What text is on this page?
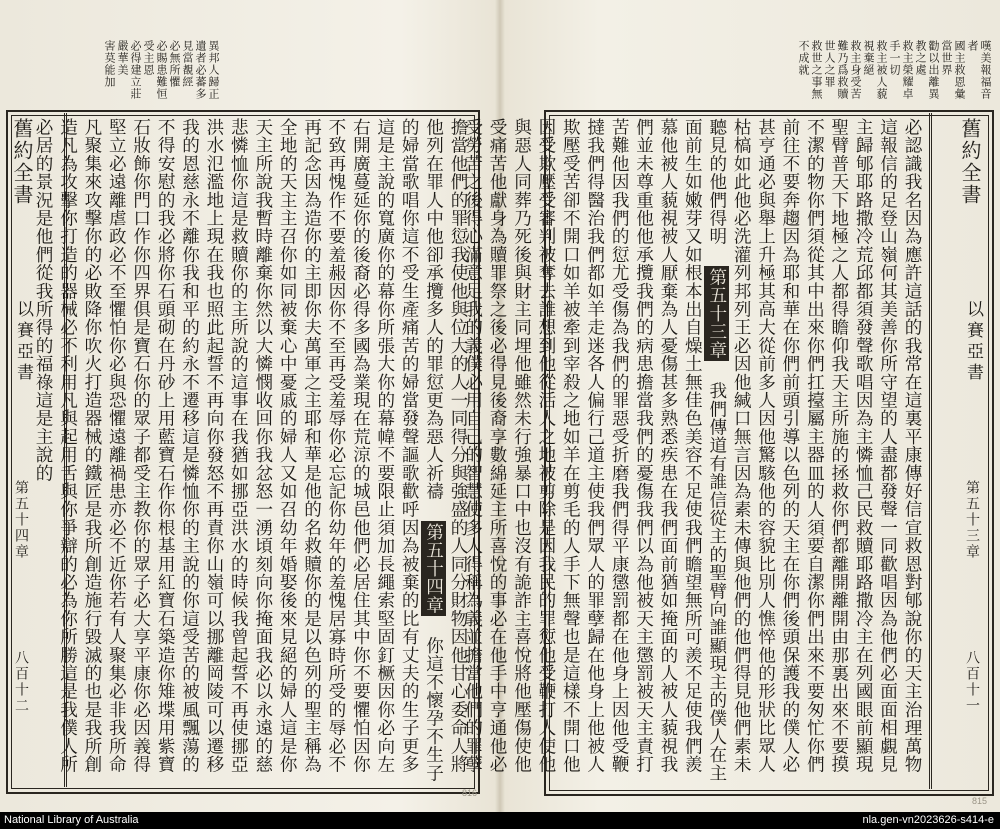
異邦人歸正
遺者必蕃多
見當覩經
必無所懼
必賜患難恒
受主恩
必得建立莊
嚴華美
害莫能加
舊約全書
以賽亞書
第五十四章
八百十二	擔當他們的罪愆我使他與位大的人一同得分與強盛的人同分財物因他甘心委命人將他列在罪人中他卻承攬多人的罪愆更為惡人祈禱 第五十四章 你這不懷孕不生子的婦當歌唱你這不受生產痛苦的婦當發聲謳歌歡呼因為被棄的比有丈夫的生子更多這是主說的寬廣你的幕你所張大你的幕幃不要限止須加長繩索堅固釘橛因你必向左右開廣蔓延你的後裔必得多國為業現在荒涼的城邑他們必居住其中你不要懼怕因你不致再愧作不要羞赧因你不至再受羞辱你必忘記你幼年的羞愧居寡時所受的辱必不再記念因為造你的主即你夫萬軍之主耶和華是他的名救贖你的是以色列的聖主稱為全地的天主主召你如同被棄心中憂戚的婦人又如召幼年婚娶後來見絕的婦人這是你天主所說我暫時離棄你然以大憐憫收回你我忿怒一湧頃刻向你掩面我必以永遠的慈悲憐恤你這是救贖你的主所說的這事在我猶如挪亞洪水的時候我曾起誓不再使挪亞洪水氾濫地上現在我也照此起誓不再向你發怒不再責你山嶺可以挪離岡陵可以遷移我的恩慈永不離你我和平的約永不遷移這是憐恤你的主說的你這受苦的被風飄蕩的不得安慰的我必將你石頭砌在丹砂上用藍寶石作你根基用紅寶石築造你雉堞用紫寶石妝飾你門口作你四界俱是寶石你的眾子都受主教你的眾子必大享平康你必因義得堅立必遠離虐政必不至懼怕你必與恐懼遠離禍患亦必不近你若有人聚集必非我所命凡聚集來攻擊你的必敗降你吹火打造器械的鐵匠是我所創造施行毀滅的也是我所創造凡為攻擊你打造的器械必不利用凡與起用舌與你爭辯的必為你所勝這是我僕人所必居的景況是他們從我所得的福祿這是主說的

816
嘆美報福音
者
國主救恩彙
當世界
勸以出離異
教之處
救主榮耀卓
手一切
救主被人藐
視棄絕
救主身受苦
難乃爲救贖
世人之罪
救世之事無
不成就
舊約全書
以賽亞書
第五十三章
八百十一

必認識我名因為應許這話的我常在這裏平康傳好信宣救恩對郇說你的天主治理萬物這報信的足登山嶺何其美善你所守望的人盡都發聲一同歡唱因為他們必面面相覷見主歸郇耶路撒冷荒邱都須發聲歌唱因為主憐恤己民救贖耶路撒冷主在列國眼前顯現聖臂普天下地極之人都得瞻仰我天主所施的拯救你們都離開離開由那裏出來不要摸不潔的物你們須從其中出來你們扛擡屬主器皿的人須要自潔你們出來不要匆忙你們前往不要奔趨因為耶和華在你們前頭引導以色列的天主在你們後頭保護我的僕人必甚亨通必與舉上升極其高大從前多人因他驚駭他的容貌比別人憔悴他的形狀比眾人枯槁如此他必洗灌列邦列王必因他緘口無言因為素未傳與他們的他們得見他們素未聽見的他們得明 第五十三章 我們傳道有誰信從主的聖臂向誰顯現主的僕人在主面前生如嫩芽又如根本出自燥土無佳色美容不足使我們瞻望無所可羨不足使我們羨慕他被人藐視被人厭棄為人憂傷甚多熟悉疾患在我們面前猶如掩面的人被人藐視我們並未尊重他他承攬我們的病患擔當我們的憂傷我們以為他被天主懲罰被天主責打苦難他因我們的愆尤受傷為我們的罪惡受折磨我們得平康懲罰都在他身上因他受鞭撻我們得醫治我們都如羊走迷各人偏行己道主使我們眾人的罪孽歸在他身上他被人欺壓受苦卻不開口如羊被牽到宰殺之地如羊在剪毛的人手下無聲也是這樣不開口他因受欺壓受審判被奪去誰想到他從活人之地被剪除是因我民的罪愆他受鞭打人使他與惡人同葬乃死後與財主同埋他雖然未行強暴口中也沒有詭詐主喜悅將他壓傷使他受痛苦他獻身為贖罪祭之後必得見後裔享數綿延主所喜悅的事必在他手中亨通他必受勞苦之後得心滿意足我的義僕必用自己的智慧使多人得稱為義並擔當他們的罪孽

815
National Library of Australia	nla.gen-vn2023626-s414-e
